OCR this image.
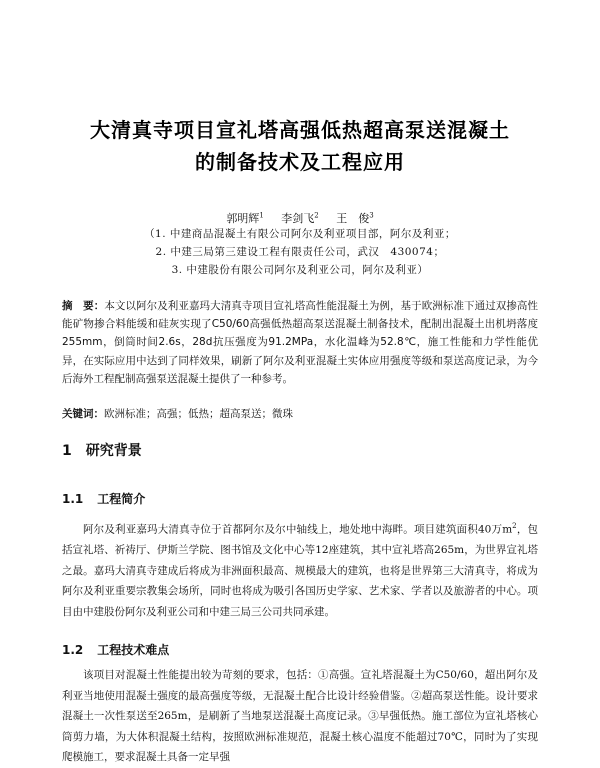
大清真寺项目宣礼塔高强低热超高泵送混凝土
的制备技术及工程应用
郭明辉$^1$ 李剑飞$^2$ 王　俊$^3$
（1. 中建商品混凝土有限公司阿尔及利亚项目部，阿尔及利亚；
2. 中建三局第三建设工程有限责任公司，武汉　430074；
3. 中建股份有限公司阿尔及利亚公司，阿尔及利亚）
摘　要：本文以阿尔及利亚嘉玛大清真寺项目宣礼塔高性能混凝土为例，基于欧洲标准下通过双掺高性能矿物掺合料能缓和硅灰实现了C50/60高强低热超高泵送混凝土制备技术，配制出混凝土出机坍落度255mm，倒筒时间2.6s，28d抗压强度为91.2MPa，水化温峰为52.8℃，施工性能和力学性能优异，在实际应用中达到了同样效果，刷新了阿尔及利亚混凝土实体应用强度等级和泵送高度记录，为今后海外工程配制高强泵送混凝土提供了一种参考。
关键词：欧洲标准；高强；低热；超高泵送；微珠
1 研究背景
1.1 工程简介
阿尔及利亚嘉玛大清真寺位于首都阿尔及尔中轴线上，地处地中海畔。项目建筑面积40万$m^2$，包括宣礼塔、祈祷厅、伊斯兰学院、图书馆及文化中心等12座建筑，其中宣礼塔高265m，为世界宣礼塔之最。嘉玛大清真寺建成后将成为非洲面积最高、规模最大的建筑，也将是世界第三大清真寺，将成为阿尔及利亚重要宗教集会场所，同时也将成为吸引各国历史学家、艺术家、学者以及旅游者的中心。项目由中建股份阿尔及利亚公司和中建三局三公司共同承建。
1.2 工程技术难点
该项目对混凝土性能提出较为苛刻的要求，包括：①高强。宣礼塔混凝土为C50/60，超出阿尔及利亚当地使用混凝土强度的最高强度等级，无混凝土配合比设计经验借鉴。②超高泵送性能。设计要求混凝土一次性泵送至265m，是刷新了当地泵送混凝土高度记录。③早强低热。施工部位为宣礼塔核心筒剪力墙，为大体积混凝土结构，按照欧洲标准规范，混凝土核心温度不能超过70℃，同时为了实现爬模施工，要求混凝土具备一定早强
